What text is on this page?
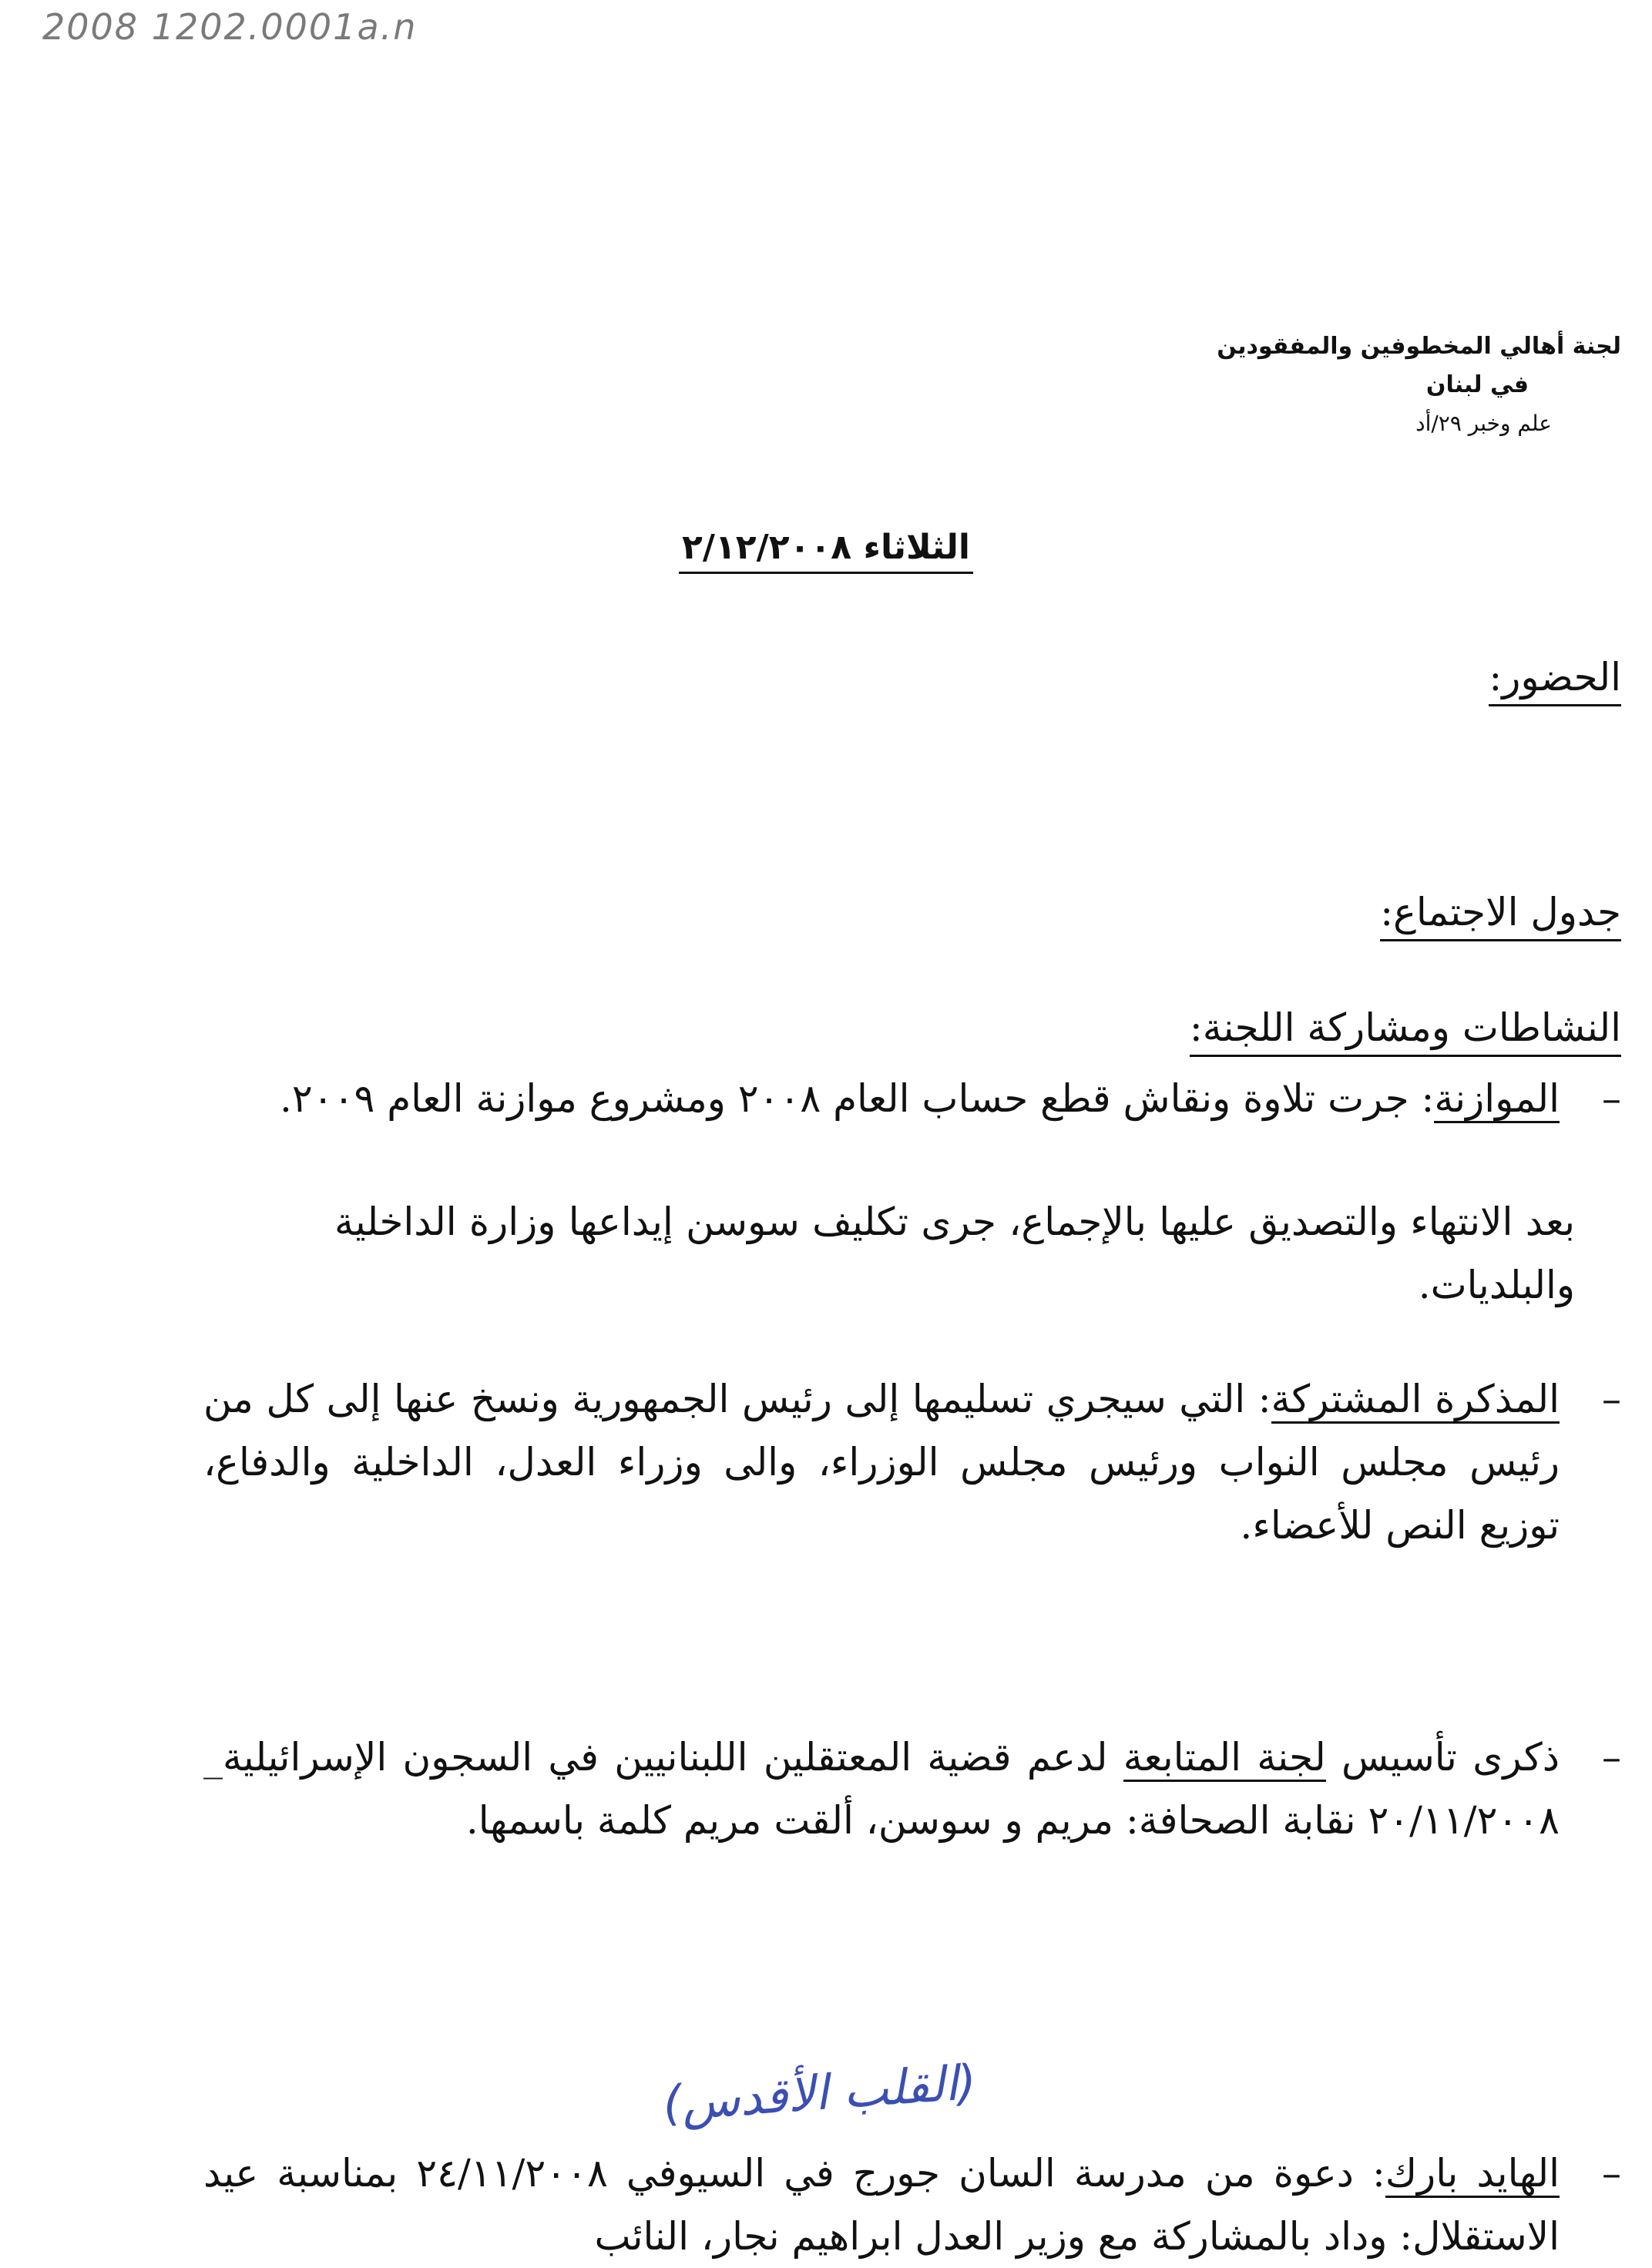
2008 1202.0001a.n
لجنة أهالي المخطوفين والمفقودين
في لبنان
علم وخبر ٢٩/أد
الثلاثاء ٢/١٢/٢٠٠٨
الحضور:
جدول الاجتماع:
النشاطات ومشاركة اللجنة:
–
الموازنة: جرت تلاوة ونقاش قطع حساب العام ٢٠٠٨ ومشروع موازنة العام ٢٠٠٩.
بعد الانتهاء والتصديق عليها بالإجماع، جرى تكليف سوسن إيداعها وزارة الداخلية والبلديات.
–
المذكرة المشتركة: التي سيجري تسليمها إلى رئيس الجمهورية ونسخ عنها إلى كل من رئيس مجلس النواب ورئيس مجلس الوزراء، والى وزراء العدل، الداخلية والدفاع، توزيع النص للأعضاء.
–
ذكرى تأسيس لجنة المتابعة لدعم قضية المعتقلين اللبنانيين في السجون الإسرائيلية_ ٢٠/١١/٢٠٠٨ نقابة الصحافة: مريم و سوسن، ألقت مريم كلمة باسمها.
(القلب الأقدس)
–
الهايد بارك: دعوة من مدرسة السان جورج في السيوفي ٢٤/١١/٢٠٠٨ بمناسبة عيد الاستقلال: وداد بالمشاركة مع وزير العدل ابراهيم نجار، النائب
